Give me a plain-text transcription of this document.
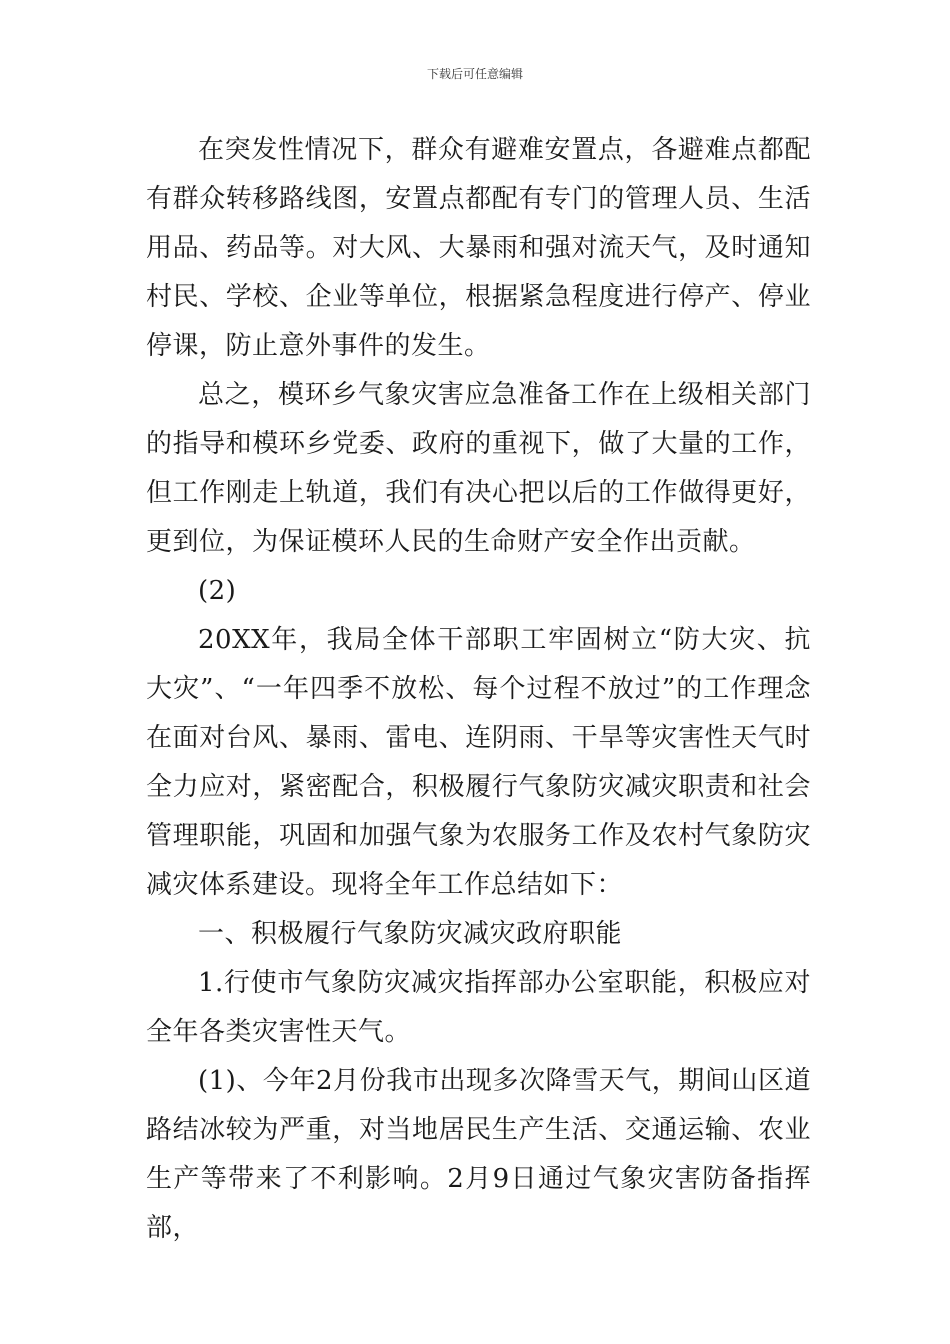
下载后可任意编辑

在突发性情况下，群众有避难安置点，各避难点都配有群众转移路线图，安置点都配有专门的管理人员、生活用品、药品等。对大风、大暴雨和强对流天气，及时通知村民、学校、企业等单位，根据紧急程度进行停产、停业停课，防止意外事件的发生。

总之，模环乡气象灾害应急准备工作在上级相关部门的指导和模环乡党委、政府的重视下，做了大量的工作，但工作刚走上轨道，我们有决心把以后的工作做得更好，更到位，为保证模环人民的生命财产安全作出贡献。

(2)

20XX年，我局全体干部职工牢固树立“防大灾、抗大灾”、“一年四季不放松、每个过程不放过”的工作理念在面对台风、暴雨、雷电、连阴雨、干旱等灾害性天气时全力应对，紧密配合，积极履行气象防灾减灾职责和社会管理职能，巩固和加强气象为农服务工作及农村气象防灾减灾体系建设。现将全年工作总结如下：

一、积极履行气象防灾减灾政府职能

1.行使市气象防灾减灾指挥部办公室职能，积极应对全年各类灾害性天气。

(1)、今年2月份我市出现多次降雪天气，期间山区道路结冰较为严重，对当地居民生产生活、交通运输、农业生产等带来了不利影响。2月9日通过气象灾害防备指挥部，
